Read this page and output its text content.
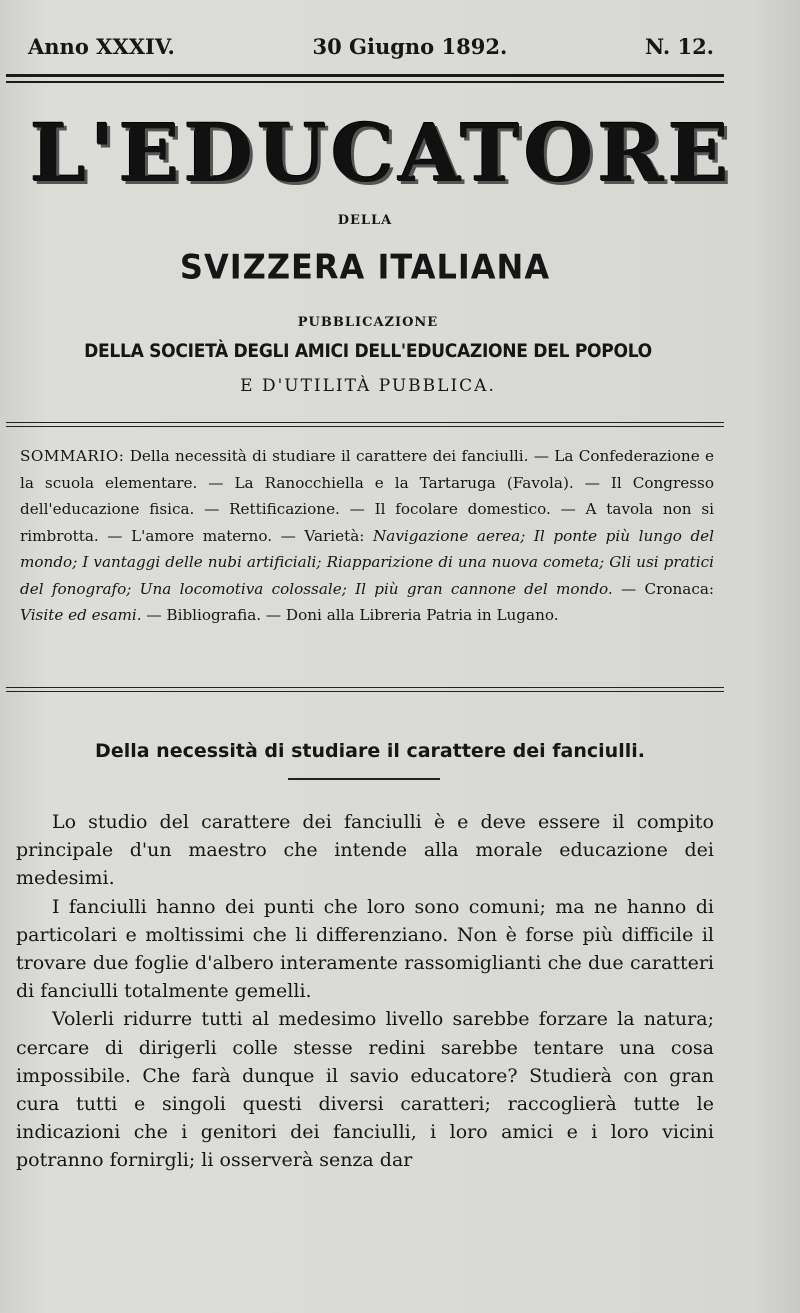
Anno XXXIV.	30 Giugno 1892.	N. 12.
L'EDUCATORE
DELLA
SVIZZERA ITALIANA
PUBBLICAZIONE
DELLA SOCIETÀ DEGLI AMICI DELL'EDUCAZIONE DEL POPOLO
E D'UTILITÀ PUBBLICA.
SOMMARIO: Della necessità di studiare il carattere dei fanciulli. — La Confederazione e la scuola elementare. — La Ranocchiella e la Tartaruga (Favola). — Il Congresso dell'educazione fisica. — Rettificazione. — Il focolare domestico. — A tavola non si rimbrotta. — L'amore materno. — Varietà: Navigazione aerea; Il ponte più lungo del mondo; I vantaggi delle nubi artificiali; Riapparizione di una nuova cometa; Gli usi pratici del fonografo; Una locomotiva colossale; Il più gran cannone del mondo. — Cronaca: Visite ed esami. — Bibliografia. — Doni alla Libreria Patria in Lugano.
Della necessità di studiare il carattere dei fanciulli.

Lo studio del carattere dei fanciulli è e deve essere il compito principale d'un maestro che intende alla morale educazione dei medesimi.

I fanciulli hanno dei punti che loro sono comuni; ma ne hanno di particolari e moltissimi che li differenziano. Non è forse più difficile il trovare due foglie d'albero interamente rassomiglianti che due caratteri di fanciulli totalmente gemelli.

Volerli ridurre tutti al medesimo livello sarebbe forzare la natura; cercare di dirigerli colle stesse redini sarebbe tentare una cosa impossibile. Che farà dunque il savio educatore? Studierà con gran cura tutti e singoli questi diversi caratteri; raccoglierà tutte le indicazioni che i genitori dei fanciulli, i loro amici e i loro vicini potranno fornirgli; li osserverà senza dar
